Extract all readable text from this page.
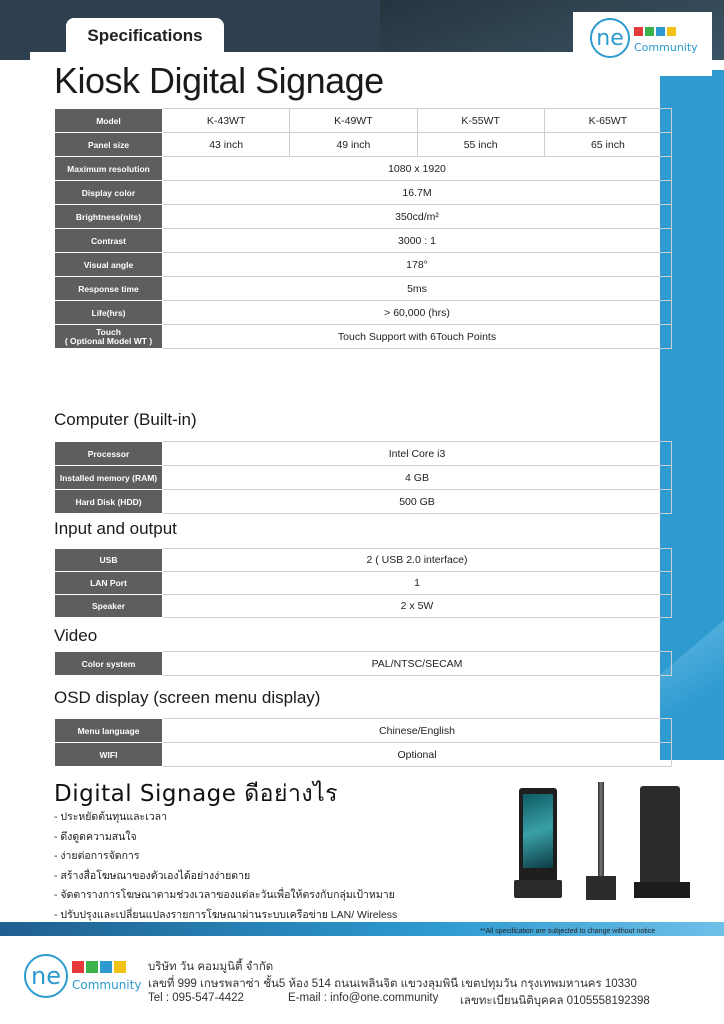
Specifications	ne Community
Kiosk Digital Signage
Model	K-43WT	K-49WT	K-55WT	K-65WT
Panel size	43 inch	49 inch	55 inch	65 inch
Maximum resolution	1080 x 1920			
Display color	16.7M			
Brightness(nits)	350cd/m²			
Contrast	3000 : 1			
Visual angle	178°			
Response time	5ms			
Life(hrs)	> 60,000 (hrs)			

Touch
( Optional Model WT )	Touch Support with 6Touch Points			
Computer (Built-in)
Processor	Intel Core i3
Installed memory (RAM)	4 GB
Hard Disk (HDD)	500 GB
Input and output
USB	2 ( USB 2.0 interface)
LAN Port	1
Speaker	2 x 5W
Video
Color system	PAL/NTSC/SECAM
OSD display (screen menu display)
Menu language	Chinese/English
WIFI	Optional
Digital Signage ดีอย่างไร
- ประหยัดต้นทุนและเวลา
- ดึงดูดความสนใจ
- ง่ายต่อการจัดการ
- สร้างสื่อโฆษณาของตัวเองได้อย่างง่ายดาย
- จัดตารางการโฆษณาตามช่วงเวลาของแต่ละวันเพื่อให้ตรงกับกลุ่มเป้าหมาย
- ปรับปรุงและเปลี่ยนแปลงรายการโฆษณาผ่านระบบเครือข่าย LAN/ Wireless
**All specification are subjected to change without notice
ne Community
บริษัท วัน คอมมูนิตี้ จำกัด
เลขที่ 999 เกษรพลาซ่า ชั้น5 ห้อง 514 ถนนเพลินจิต แขวงลุมพินี เขตปทุมวัน กรุงเทพมหานคร 10330
Tel : 095-547-4422	E-mail : info@one.community เลขทะเบียนนิติบุคคล 0105558192398
